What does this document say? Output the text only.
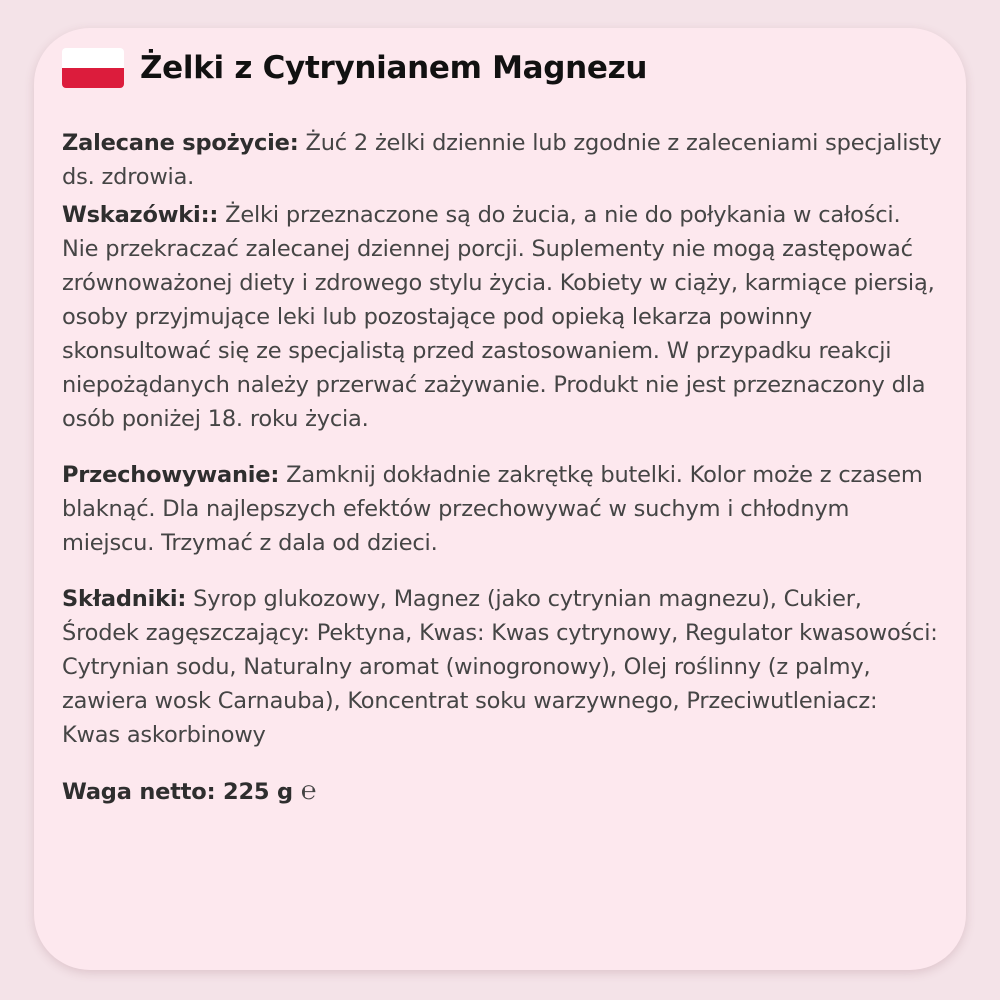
Żelki z Cytrynianem Magnezu

Zalecane spożycie: Żuć 2 żelki dziennie lub zgodnie z zaleceniami specjalisty ds. zdrowia.

Wskazówki:: Żelki przeznaczone są do żucia, a nie do połykania w całości. Nie przekraczać zalecanej dziennej porcji. Suplementy nie mogą zastępować zrównoważonej diety i zdrowego stylu życia. Kobiety w ciąży, karmiące piersią, osoby przyjmujące leki lub pozostające pod opieką lekarza powinny skonsultować się ze specjalistą przed zastosowaniem. W przypadku reakcji niepożądanych należy przerwać zażywanie. Produkt nie jest przeznaczony dla osób poniżej 18. roku życia.

Przechowywanie: Zamknij dokładnie zakrętkę butelki. Kolor może z czasem blaknąć. Dla najlepszych efektów przechowywać w suchym i chłodnym miejscu. Trzymać z dala od dzieci.

Składniki: Syrop glukozowy, Magnez (jako cytrynian magnezu), Cukier, Środek zagęszczający: Pektyna, Kwas: Kwas cytrynowy, Regulator kwasowości: Cytrynian sodu, Naturalny aromat (winogronowy), Olej roślinny (z palmy, zawiera wosk Carnauba), Koncentrat soku warzywnego, Przeciwutleniacz: Kwas askorbinowy

Waga netto: 225 g ℮
